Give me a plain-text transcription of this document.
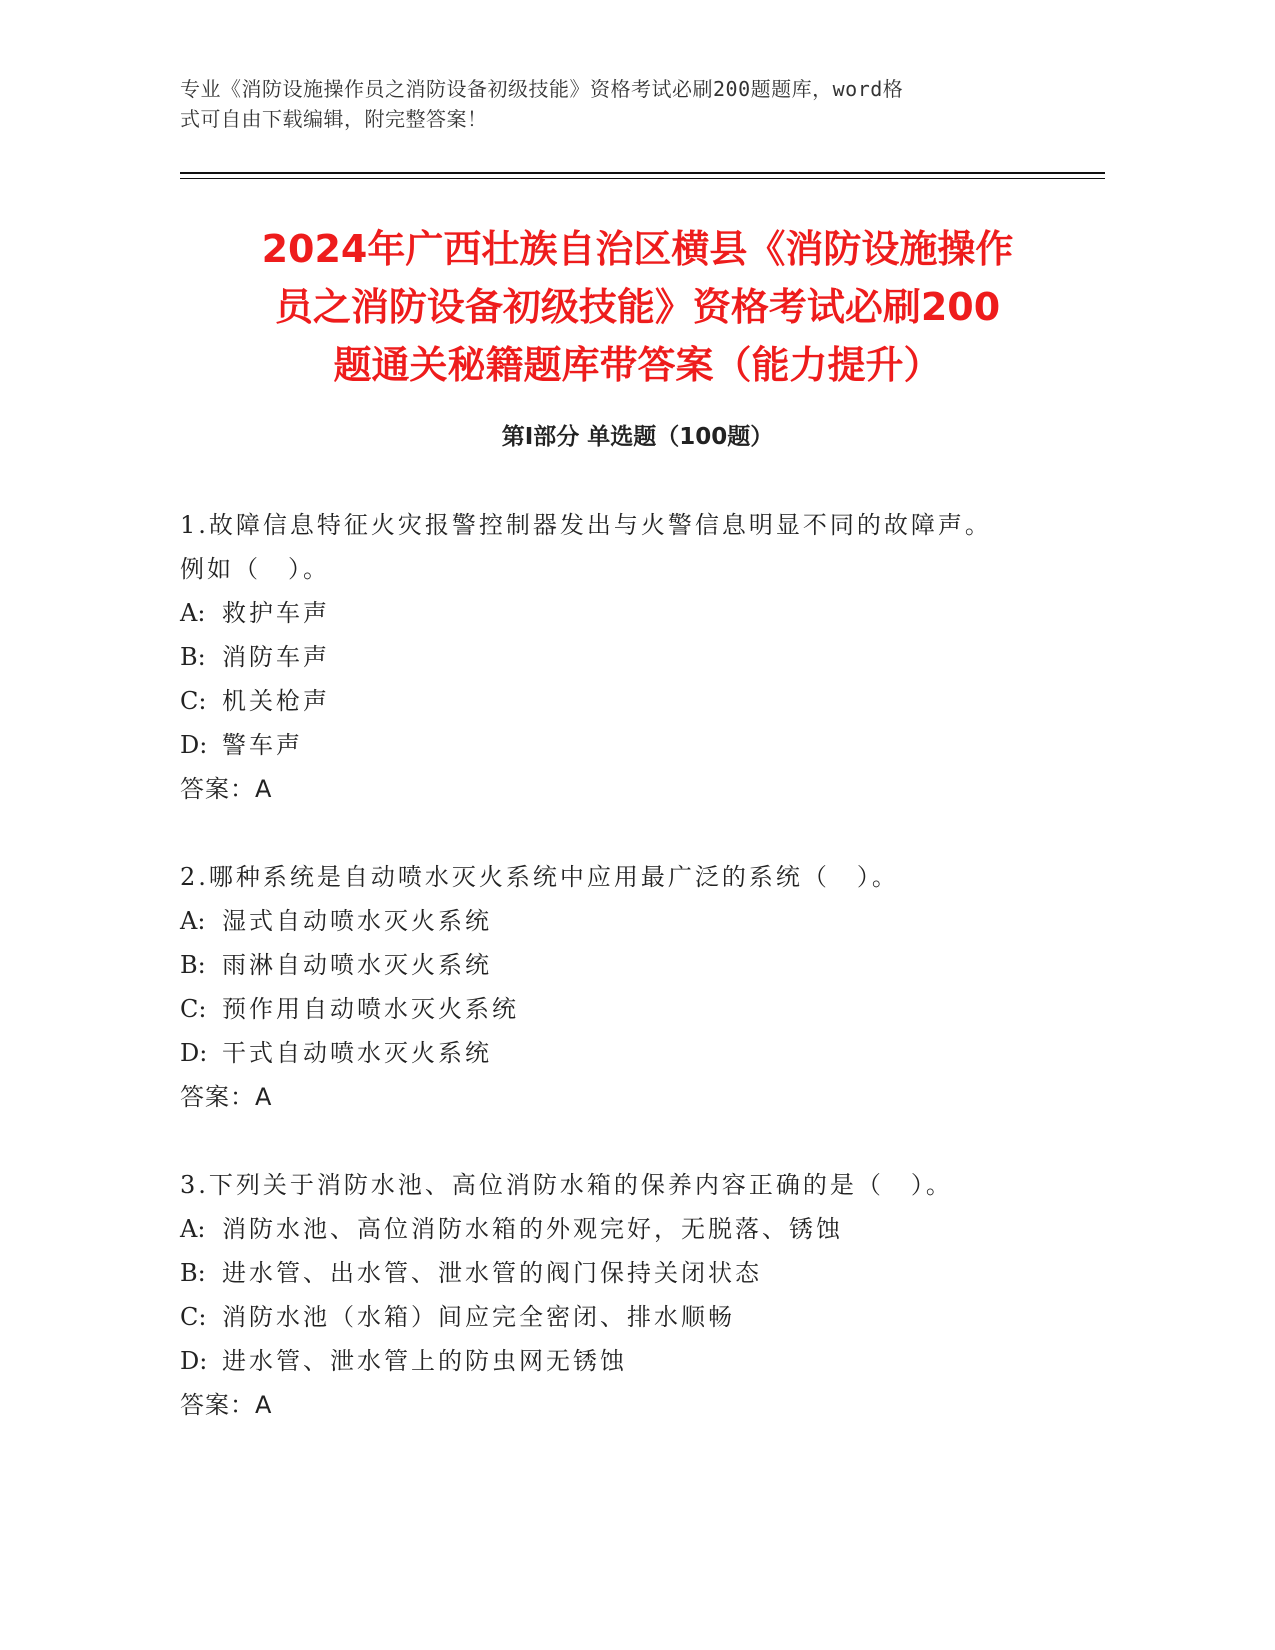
专业《消防设施操作员之消防设备初级技能》资格考试必刷200题题库，word格
式可自由下载编辑，附完整答案！
2024年广西壮族自治区横县《消防设施操作
员之消防设备初级技能》资格考试必刷200
题通关秘籍题库带答案（能力提升）
第Ⅰ部分 单选题（100题）
1.故障信息特征火灾报警控制器发出与火警信息明显不同的故障声。
例如（　）。
A: 救护车声
B: 消防车声
C: 机关枪声
D: 警车声
答案：A
2.哪种系统是自动喷水灭火系统中应用最广泛的系统（　）。
A: 湿式自动喷水灭火系统
B: 雨淋自动喷水灭火系统
C: 预作用自动喷水灭火系统
D: 干式自动喷水灭火系统
答案：A
3.下列关于消防水池、高位消防水箱的保养内容正确的是（　）。
A: 消防水池、高位消防水箱的外观完好，无脱落、锈蚀
B: 进水管、出水管、泄水管的阀门保持关闭状态
C: 消防水池（水箱）间应完全密闭、排水顺畅
D: 进水管、泄水管上的防虫网无锈蚀
答案：A
